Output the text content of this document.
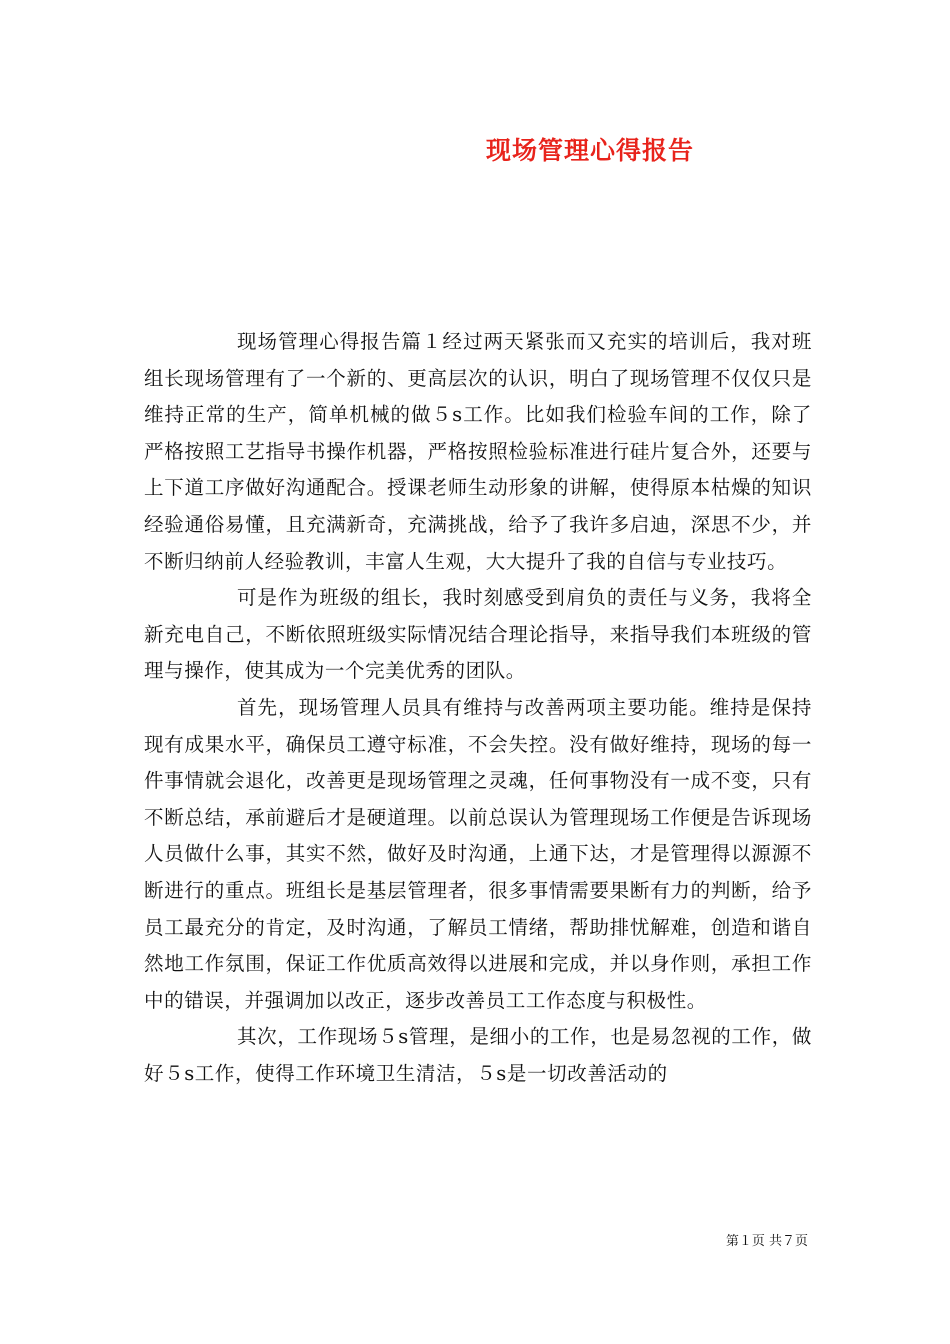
现场管理心得报告

现场管理心得报告篇１经过两天紧张而又充实的培训后，我对班组长现场管理有了一个新的、更高层次的认识，明白了现场管理不仅仅只是维持正常的生产，简单机械的做５s工作。比如我们检验车间的工作，除了严格按照工艺指导书操作机器，严格按照检验标准进行硅片复合外，还要与上下道工序做好沟通配合。授课老师生动形象的讲解，使得原本枯燥的知识经验通俗易懂，且充满新奇，充满挑战，给予了我许多启迪，深思不少，并不断归纳前人经验教训，丰富人生观，大大提升了我的自信与专业技巧。

可是作为班级的组长，我时刻感受到肩负的责任与义务，我将全新充电自己，不断依照班级实际情况结合理论指导，来指导我们本班级的管理与操作，使其成为一个完美优秀的团队。

首先，现场管理人员具有维持与改善两项主要功能。维持是保持现有成果水平，确保员工遵守标准，不会失控。没有做好维持，现场的每一件事情就会退化，改善更是现场管理之灵魂，任何事物没有一成不变，只有不断总结，承前避后才是硬道理。以前总误认为管理现场工作便是告诉现场人员做什么事，其实不然，做好及时沟通，上通下达，才是管理得以源源不断进行的重点。班组长是基层管理者，很多事情需要果断有力的判断，给予员工最充分的肯定，及时沟通，了解员工情绪，帮助排忧解难，创造和谐自然地工作氛围，保证工作优质高效得以进展和完成，并以身作则，承担工作中的错误，并强调加以改正，逐步改善员工工作态度与积极性。

其次，工作现场５s管理，是细小的工作，也是易忽视的工作，做好５s工作，使得工作环境卫生清洁，５s是一切改善活动的

第１页 共７页
